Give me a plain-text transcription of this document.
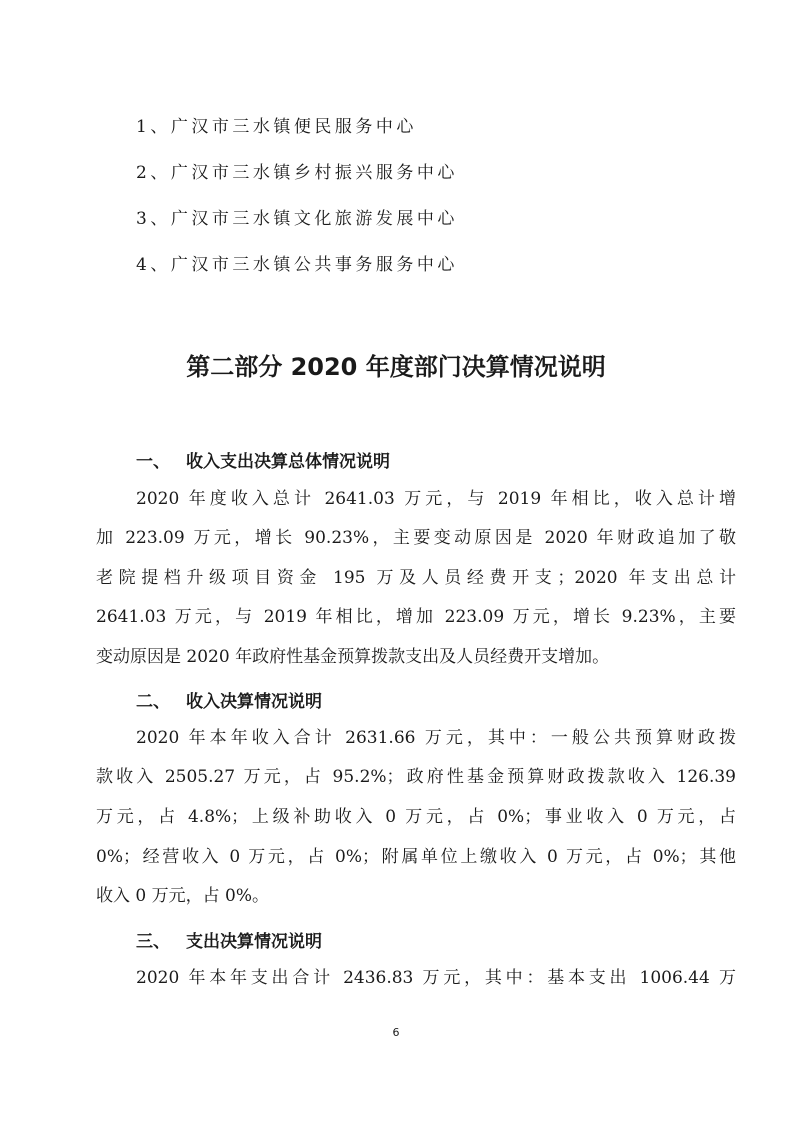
1、广汉市三水镇便民服务中心
2、广汉市三水镇乡村振兴服务中心
3、广汉市三水镇文化旅游发展中心
4、广汉市三水镇公共事务服务中心
第二部分 2020 年度部门决算情况说明
一、 收入支出决算总体情况说明
2020 年度收入总计 2641.03 万元，与 2019 年相比，收入总计增
加 223.09 万元，增长 90.23%，主要变动原因是 2020 年财政追加了敬
老院提档升级项目资金 195 万及人员经费开支；2020 年支出总计
2641.03 万元，与 2019 年相比，增加 223.09 万元，增长 9.23%，主要
变动原因是 2020 年政府性基金预算拨款支出及人员经费开支增加。
二、 收入决算情况说明
2020 年本年收入合计 2631.66 万元，其中：一般公共预算财政拨
款收入 2505.27 万元，占 95.2%；政府性基金预算财政拨款收入 126.39
万元，占 4.8%；上级补助收入 0 万元，占 0%；事业收入 0 万元，占
0%；经营收入 0 万元，占 0%；附属单位上缴收入 0 万元，占 0%；其他
收入 0 万元，占 0%。
三、 支出决算情况说明
2020 年本年支出合计 2436.83 万元，其中：基本支出 1006.44 万
6
